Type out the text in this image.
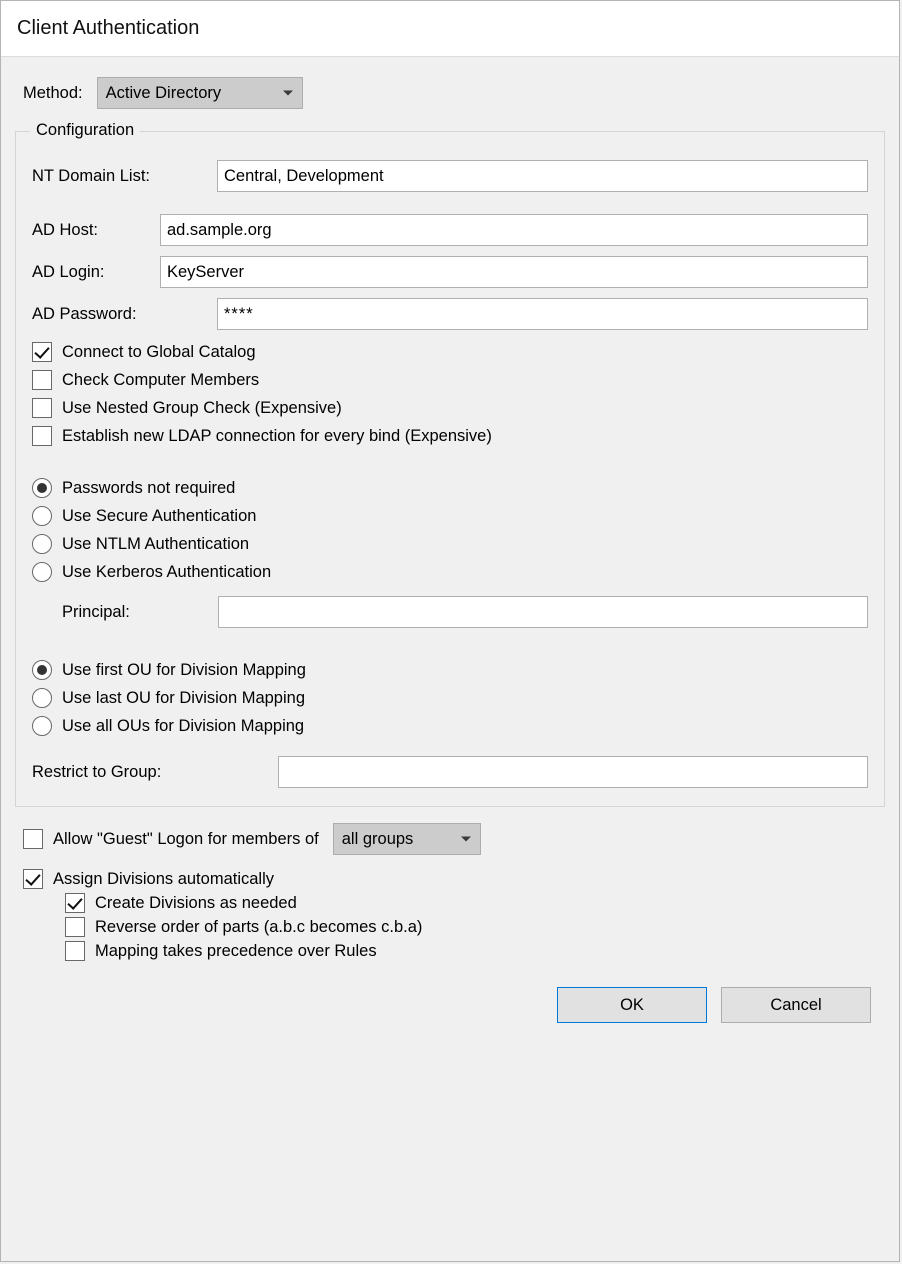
Client Authentication
Method: Active Directory
Configuration
NT Domain List:	Central, Development
AD Host:	ad.sample.org
AD Login:	KeyServer
AD Password:	****
Connect to Global Catalog
Check Computer Members
Use Nested Group Check (Expensive)
Establish new LDAP connection for every bind (Expensive)
Passwords not required
Use Secure Authentication
Use NTLM Authentication
Use Kerberos Authentication
Principal:
Use first OU for Division Mapping
Use last OU for Division Mapping
Use all OUs for Division Mapping
Restrict to Group:
Allow "Guest" Logon for members of all groups
Assign Divisions automatically
Create Divisions as needed
Reverse order of parts (a.b.c becomes c.b.a)
Mapping takes precedence over Rules
OK	Cancel
